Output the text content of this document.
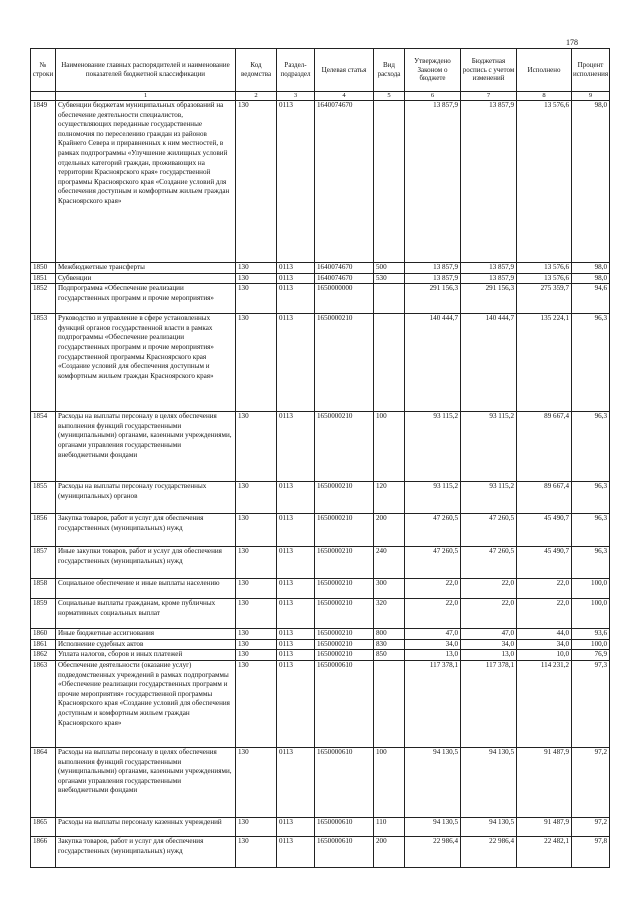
178
№ строки	Наименование главных распорядителей и наименование показателей бюджетной классификации	Код ведомства	Раздел-подраздел	Целевая статья	Вид расхода	Утверждено Законом о бюджете	Бюджетная роспись с учетом изменений	Исполнено	Процент исполнения
	1	2	3	4	5	6	7	8	9
1849	Субвенции бюджетам муниципальных образований на обеспечение деятельности специалистов, осуществляющих переданные государственные полномочия по переселению граждан из районов Крайнего Севера и приравненных к ним местностей, в рамках подпрограммы «Улучшение жилищных условий отдельных категорий граждан, проживающих на территории Красноярского края» государственной программы Красноярского края «Создание условий для обеспечения доступным и комфортным жильем граждан Красноярского края»	130	0113	1640074670		13 857,9	13 857,9	13 576,6	98,0
1850	Межбюджетные трансферты	130	0113	1640074670	500	13 857,9	13 857,9	13 576,6	98,0
1851	Субвенции	130	0113	1640074670	530	13 857,9	13 857,9	13 576,6	98,0
1852	Подпрограмма «Обеспечение реализации государственных программ и прочие мероприятия»	130	0113	1650000000		291 156,3	291 156,3	275 359,7	94,6
1853	Руководство и управление в сфере установленных функций органов государственной власти в рамках подпрограммы «Обеспечение реализации государственных программ и прочие мероприятия» государственной программы Красноярского края «Создание условий для обеспечения доступным и комфортным жильем граждан Красноярского края»	130	0113	1650000210		140 444,7	140 444,7	135 224,1	96,3
1854	Расходы на выплаты персоналу в целях обеспечения выполнения функций государственными (муниципальными) органами, казенными учреждениями, органами управления государственными внебюджетными фондами	130	0113	1650000210	100	93 115,2	93 115,2	89 667,4	96,3
1855	Расходы на выплаты персоналу государственных (муниципальных) органов	130	0113	1650000210	120	93 115,2	93 115,2	89 667,4	96,3
1856	Закупка товаров, работ и услуг для обеспечения государственных (муниципальных) нужд	130	0113	1650000210	200	47 260,5	47 260,5	45 490,7	96,3
1857	Иные закупки товаров, работ и услуг для обеспечения государственных (муниципальных) нужд	130	0113	1650000210	240	47 260,5	47 260,5	45 490,7	96,3
1858	Социальное обеспечение и иные выплаты населению	130	0113	1650000210	300	22,0	22,0	22,0	100,0
1859	Социальные выплаты гражданам, кроме публичных нормативных социальных выплат	130	0113	1650000210	320	22,0	22,0	22,0	100,0
1860	Иные бюджетные ассигнования	130	0113	1650000210	800	47,0	47,0	44,0	93,6
1861	Исполнение судебных актов	130	0113	1650000210	830	34,0	34,0	34,0	100,0
1862	Уплата налогов, сборов и иных платежей	130	0113	1650000210	850	13,0	13,0	10,0	76,9
1863	Обеспечение деятельности (оказание услуг) подведомственных учреждений в рамках подпрограммы «Обеспечение реализации государственных программ и прочие мероприятия» государственной программы Красноярского края «Создание условий для обеспечения доступным и комфортным жильем граждан Красноярского края»	130	0113	1650000610		117 378,1	117 378,1	114 231,2	97,3
1864	Расходы на выплаты персоналу в целях обеспечения выполнения функций государственными (муниципальными) органами, казенными учреждениями, органами управления государственными внебюджетными фондами	130	0113	1650000610	100	94 130,5	94 130,5	91 487,9	97,2
1865	Расходы на выплаты персоналу казенных учреждений	130	0113	1650000610	110	94 130,5	94 130,5	91 487,9	97,2
1866	Закупка товаров, работ и услуг для обеспечения государственных (муниципальных) нужд	130	0113	1650000610	200	22 986,4	22 986,4	22 482,1	97,8
